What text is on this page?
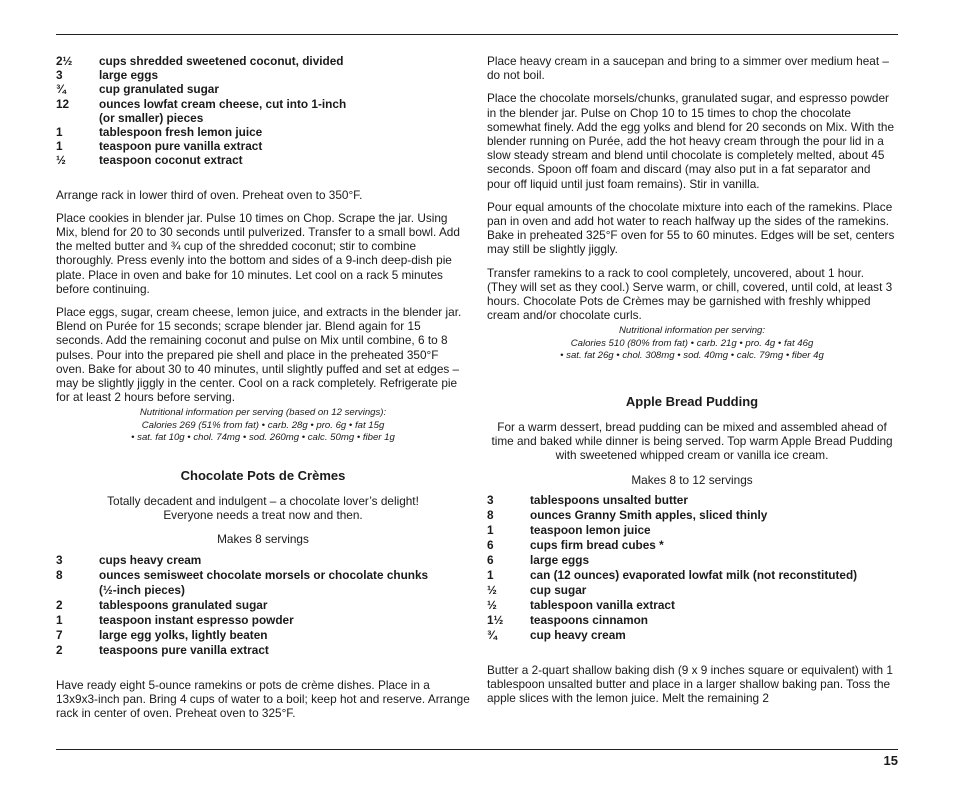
2½	cups shredded sweetened coconut, divided
3	large eggs
¾	cup granulated sugar
12	ounces lowfat cream cheese, cut into 1-inch
(or smaller) pieces
1	tablespoon fresh lemon juice
1	teaspoon pure vanilla extract
½	teaspoon coconut extract

Arrange rack in lower third of oven. Preheat oven to 350°F.

Place cookies in blender jar. Pulse 10 times on Chop. Scrape the jar. Using Mix, blend for 20 to 30 seconds until pulverized. Transfer to a small bowl. Add the melted butter and ¾ cup of the shredded coconut; stir to combine thoroughly. Press evenly into the bottom and sides of a 9-inch deep-dish pie plate. Place in oven and bake for 10 minutes. Let cool on a rack 5 minutes before continuing.

Place eggs, sugar, cream cheese, lemon juice, and extracts in the blender jar. Blend on Purée for 15 seconds; scrape blender jar. Blend again for 15 seconds. Add the remaining coconut and pulse on Mix until combine, 6 to 8 pulses. Pour into the prepared pie shell and place in the preheated 350°F oven. Bake for about 30 to 40 minutes, until slightly puffed and set at edges – may be slightly jiggly in the center. Cool on a rack completely. Refrigerate pie for at least 2 hours before serving.

Nutritional information per serving (based on 12 servings):

Calories 269 (51% from fat) • carb. 28g • pro. 6g • fat 15g

• sat. fat 10g • chol. 74mg • sod. 260mg • calc. 50mg • fiber 1g

Chocolate Pots de Crèmes

Totally decadent and indulgent – a chocolate lover’s delight!

Everyone needs a treat now and then.

Makes 8 servings

3	cups heavy cream
8	ounces semisweet chocolate morsels or chocolate chunks
(½-inch pieces)
2	tablespoons granulated sugar
1	teaspoon instant espresso powder
7	large egg yolks, lightly beaten
2	teaspoons pure vanilla extract

Have ready eight 5-ounce ramekins or pots de crème dishes. Place in a 13x9x3-inch pan. Bring 4 cups of water to a boil; keep hot and reserve. Arrange rack in center of oven. Preheat oven to 325°F.

Place heavy cream in a saucepan and bring to a simmer over medium heat – do not boil.

Place the chocolate morsels/chunks, granulated sugar, and espresso powder in the blender jar. Pulse on Chop 10 to 15 times to chop the chocolate somewhat finely. Add the egg yolks and blend for 20 seconds on Mix. With the blender running on Purée, add the hot heavy cream through the pour lid in a slow steady stream and blend until chocolate is completely melted, about 45 seconds. Spoon off foam and discard (may also put in a fat separator and pour off liquid until just foam remains). Stir in vanilla.

Pour equal amounts of the chocolate mixture into each of the ramekins. Place pan in oven and add hot water to reach halfway up the sides of the ramekins. Bake in preheated 325°F oven for 55 to 60 minutes. Edges will be set, centers may still be slightly jiggly.

Transfer ramekins to a rack to cool completely, uncovered, about 1 hour. (They will set as they cool.) Serve warm, or chill, covered, until cold, at least 3 hours. Chocolate Pots de Crèmes may be garnished with freshly whipped cream and/or chocolate curls.

Nutritional information per serving:

Calories 510 (80% from fat) • carb. 21g • pro. 4g • fat 46g

• sat. fat 26g • chol. 308mg • sod. 40mg • calc. 79mg • fiber 4g

Apple Bread Pudding

For a warm dessert, bread pudding can be mixed and assembled ahead of time and baked while dinner is being served. Top warm Apple Bread Pudding with sweetened whipped cream or vanilla ice cream.

Makes 8 to 12 servings

3	tablespoons unsalted butter
8	ounces Granny Smith apples, sliced thinly
1	teaspoon lemon juice
6	cups firm bread cubes *
6	large eggs
1	can (12 ounces) evaporated lowfat milk (not reconstituted)
½	cup sugar
½	tablespoon vanilla extract
1½	teaspoons cinnamon
¾	cup heavy cream

Butter a 2-quart shallow baking dish (9 x 9 inches square or equivalent) with 1 tablespoon unsalted butter and place in a larger shallow baking pan. Toss the apple slices with the lemon juice. Melt the remaining 2

15
